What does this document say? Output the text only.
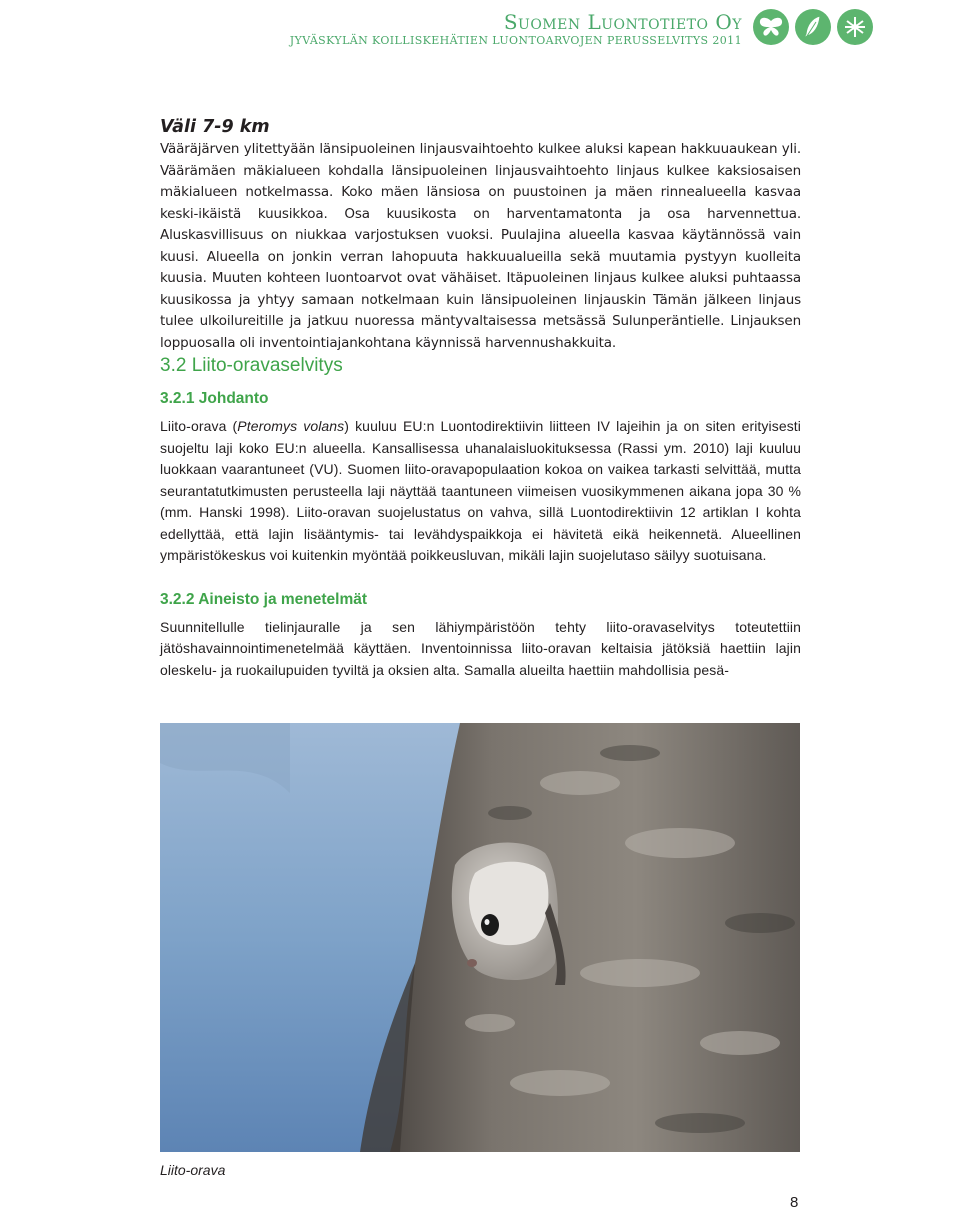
Suomen Luontotieto Oy
JYVÄSKYLÄN KOILLISKEHÄTIEN LUONTOARVOJEN PERUSSELVITYS 2011

Väli 7-9 km

Vääräjärven ylitettyään länsipuoleinen linjausvaihtoehto kulkee aluksi kapean hakkuuaukean yli. Väärämäen mäkialueen kohdalla länsipuoleinen linjausvaihtoehto linjaus kulkee kaksiosaisen mäkialueen notkelmassa. Koko mäen länsiosa on puustoinen ja mäen rinnealueella kasvaa keski-ikäistä kuusikkoa. Osa kuusikosta on harventamatonta ja osa harvennettua. Aluskasvillisuus on niukkaa varjostuksen vuoksi. Puulajina alueella kasvaa käytännössä vain kuusi. Alueella on jonkin verran lahopuuta hakkuualueilla sekä muutamia pystyyn kuolleita kuusia. Muuten kohteen luontoarvot ovat vähäiset. Itäpuoleinen linjaus kulkee aluksi puhtaassa kuusikossa ja yhtyy samaan notkelmaan kuin länsipuoleinen linjauskin Tämän jälkeen linjaus tulee ulkoilureitille ja jatkuu nuoressa mäntyvaltaisessa metsässä Sulunperäntielle. Linjauksen loppuosalla oli inventointiajankohtana käynnissä harvennushakkuita.

3.2 Liito-oravaselvitys

3.2.1 Johdanto

Liito-orava (Pteromys volans) kuuluu EU:n Luontodirektiivin liitteen IV lajeihin ja on siten erityisesti suojeltu laji koko EU:n alueella. Kansallisessa uhanalaisluokituksessa (Rassi ym. 2010) laji kuuluu luokkaan vaarantuneet (VU). Suomen liito-oravapopulaation kokoa on vaikea tarkasti selvittää, mutta seurantatutkimusten perusteella laji näyttää taantuneen viimeisen vuosikymmenen aikana jopa 30 % (mm. Hanski 1998). Liito-oravan suojelustatus on vahva, sillä Luontodirektiivin 12 artiklan I kohta edellyttää, että lajin lisääntymis- tai levähdyspaikkoja ei hävitetä eikä heikennetä. Alueellinen ympäristökeskus voi kuitenkin myöntää poikkeusluvan, mikäli lajin suojelutaso säilyy suotuisana.

3.2.2 Aineisto ja menetelmät

Suunnitellulle tielinjauralle ja sen lähiympäristöön tehty liito-oravaselvitys toteutettiin jätöshavainnointimenetelmää käyttäen. Inventoinnissa liito-oravan keltaisia jätöksiä haettiin lajin oleskelu- ja ruokailupuiden tyviltä ja oksien alta. Samalla alueilta haettiin mahdollisia pesä-

Liito-orava
8
